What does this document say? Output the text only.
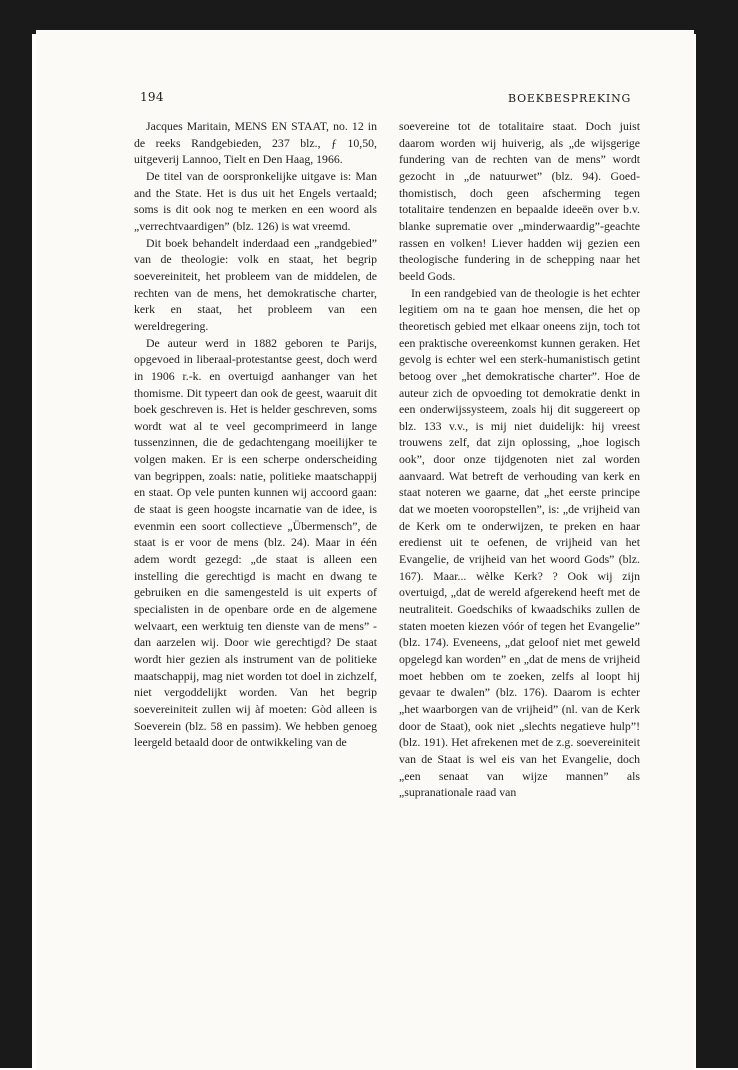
194	BOEKBESPREKING

Jacques Maritain, MENS EN STAAT, no. 12 in de reeks Randgebieden, 237 blz., ƒ 10,50, uitgeverij Lannoo, Tielt en Den Haag, 1966.

De titel van de oorspronkelijke uitgave is: Man and the State. Het is dus uit het Engels vertaald; soms is dit ook nog te merken en een woord als „verrechtvaardigen” (blz. 126) is wat vreemd.

Dit boek behandelt inderdaad een „randgebied” van de theologie: volk en staat, het begrip soevereiniteit, het probleem van de middelen, de rechten van de mens, het demokratische charter, kerk en staat, het probleem van een wereldregering.

De auteur werd in 1882 geboren te Parijs, opgevoed in liberaal-protestantse geest, doch werd in 1906 r.-k. en overtuigd aanhanger van het thomisme. Dit typeert dan ook de geest, waaruit dit boek geschreven is. Het is helder geschreven, soms wordt wat al te veel gecomprimeerd in lange tussenzinnen, die de gedachtengang moeilijker te volgen maken. Er is een scherpe onderscheiding van begrippen, zoals: natie, politieke maatschappij en staat. Op vele punten kunnen wij accoord gaan: de staat is geen hoogste incarnatie van de idee, is evenmin een soort collectieve „Übermensch”, de staat is er voor de mens (blz. 24). Maar in één adem wordt gezegd: „de staat is alleen een instelling die gerechtigd is macht en dwang te gebruiken en die samengesteld is uit experts of specialisten in de openbare orde en de algemene welvaart, een werktuig ten dienste van de mens” - dan aarzelen wij. Door wie gerechtigd? De staat wordt hier gezien als instrument van de politieke maatschappij, mag niet worden tot doel in zichzelf, niet vergoddelijkt worden. Van het begrip soevereiniteit zullen wij àf moeten: Gòd alleen is Soeverein (blz. 58 en passim). We hebben genoeg leergeld betaald door de ontwikkeling van de

soevereine tot de totalitaire staat. Doch juist daarom worden wij huiverig, als „de wijsgerige fundering van de rechten van de mens” wordt gezocht in „de natuurwet” (blz. 94). Goed-thomistisch, doch geen afscherming tegen totalitaire tendenzen en bepaalde ideeën over b.v. blanke suprematie over „minderwaardig”-geachte rassen en volken! Liever hadden wij gezien een theologische fundering in de schepping naar het beeld Gods.

In een randgebied van de theologie is het echter legitiem om na te gaan hoe mensen, die het op theoretisch gebied met elkaar oneens zijn, toch tot een praktische overeenkomst kunnen geraken. Het gevolg is echter wel een sterk-humanistisch getint betoog over „het demokratische charter”. Hoe de auteur zich de opvoeding tot demokratie denkt in een onderwijssysteem, zoals hij dit suggereert op blz. 133 v.v., is mij niet duidelijk: hij vreest trouwens zelf, dat zijn oplossing, „hoe logisch ook”, door onze tijdgenoten niet zal worden aanvaard. Wat betreft de verhouding van kerk en staat noteren we gaarne, dat „het eerste principe dat we moeten vooropstellen”, is: „de vrijheid van de Kerk om te onderwijzen, te preken en haar eredienst uit te oefenen, de vrijheid van het Evangelie, de vrijheid van het woord Gods” (blz. 167). Maar... wèlke Kerk? ? Ook wij zijn overtuigd, „dat de wereld afgerekend heeft met de neutraliteit. Goedschiks of kwaadschiks zullen de staten moeten kiezen vóór of tegen het Evangelie” (blz. 174). Eveneens, „dat geloof niet met geweld opgelegd kan worden” en „dat de mens de vrijheid moet hebben om te zoeken, zelfs al loopt hij gevaar te dwalen” (blz. 176). Daarom is echter „het waarborgen van de vrijheid” (nl. van de Kerk door de Staat), ook niet „slechts negatieve hulp”! (blz. 191). Het afrekenen met de z.g. soevereiniteit van de Staat is wel eis van het Evangelie, doch „een senaat van wijze mannen” als „supranationale raad van
